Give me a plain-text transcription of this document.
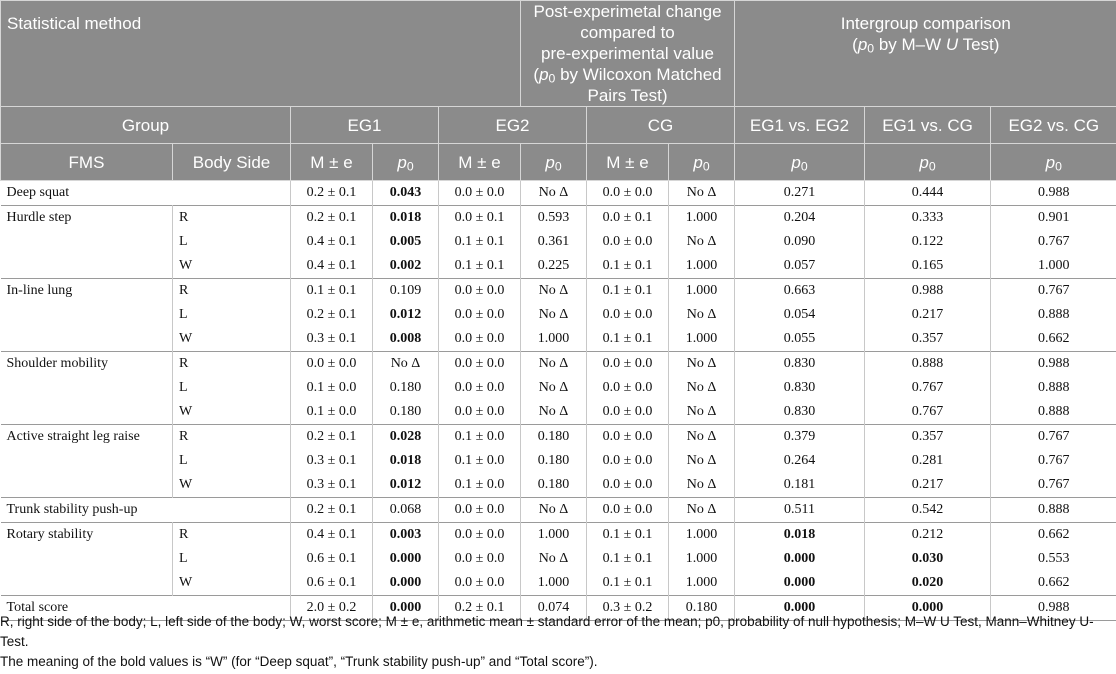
Statistical method					Post-experimetal change compared to
pre-experimental value
($p_0$ by Wilcoxon Matched Pairs Test)			Intergroup comparison
($p_0$ by M–W U Test)		
Group		EG1		EG2		CG		EG1 vs. EG2	EG1 vs. CG	EG2 vs. CG
FMS	Body Side	M ± e	$p_0$	M ± e	$p_0$	M ± e	$p_0$	$p_0$	$p_0$	$p_0$
Deep squat		0.2 ± 0.1	0.043	0.0 ± 0.0	No Δ	0.0 ± 0.0	No Δ	0.271	0.444	0.988
Hurdle step	R	0.2 ± 0.1	0.018	0.0 ± 0.1	0.593	0.0 ± 0.1	1.000	0.204	0.333	0.901
	L	0.4 ± 0.1	0.005	0.1 ± 0.1	0.361	0.0 ± 0.0	No Δ	0.090	0.122	0.767
	W	0.4 ± 0.1	0.002	0.1 ± 0.1	0.225	0.1 ± 0.1	1.000	0.057	0.165	1.000
In-line lung	R	0.1 ± 0.1	0.109	0.0 ± 0.0	No Δ	0.1 ± 0.1	1.000	0.663	0.988	0.767
	L	0.2 ± 0.1	0.012	0.0 ± 0.0	No Δ	0.0 ± 0.0	No Δ	0.054	0.217	0.888
	W	0.3 ± 0.1	0.008	0.0 ± 0.0	1.000	0.1 ± 0.1	1.000	0.055	0.357	0.662
Shoulder mobility	R	0.0 ± 0.0	No Δ	0.0 ± 0.0	No Δ	0.0 ± 0.0	No Δ	0.830	0.888	0.988
	L	0.1 ± 0.0	0.180	0.0 ± 0.0	No Δ	0.0 ± 0.0	No Δ	0.830	0.767	0.888
	W	0.1 ± 0.0	0.180	0.0 ± 0.0	No Δ	0.0 ± 0.0	No Δ	0.830	0.767	0.888
Active straight leg raise	R	0.2 ± 0.1	0.028	0.1 ± 0.0	0.180	0.0 ± 0.0	No Δ	0.379	0.357	0.767
	L	0.3 ± 0.1	0.018	0.1 ± 0.0	0.180	0.0 ± 0.0	No Δ	0.264	0.281	0.767
	W	0.3 ± 0.1	0.012	0.1 ± 0.0	0.180	0.0 ± 0.0	No Δ	0.181	0.217	0.767
Trunk stability push-up		0.2 ± 0.1	0.068	0.0 ± 0.0	No Δ	0.0 ± 0.0	No Δ	0.511	0.542	0.888
Rotary stability	R	0.4 ± 0.1	0.003	0.0 ± 0.0	1.000	0.1 ± 0.1	1.000	0.018	0.212	0.662
	L	0.6 ± 0.1	0.000	0.0 ± 0.0	No Δ	0.1 ± 0.1	1.000	0.000	0.030	0.553
	W	0.6 ± 0.1	0.000	0.0 ± 0.0	1.000	0.1 ± 0.1	1.000	0.000	0.020	0.662
Total score		2.0 ± 0.2	0.000	0.2 ± 0.1	0.074	0.3 ± 0.2	0.180	0.000	0.000	0.988

R, right side of the body; L, left side of the body; W, worst score; M ± e, arithmetic mean ± standard error of the mean; p0, probability of null hypothesis; M–W U Test, Mann–Whitney U-Test.

The meaning of the bold values is “W” (for “Deep squat”, “Trunk stability push-up” and “Total score”).
